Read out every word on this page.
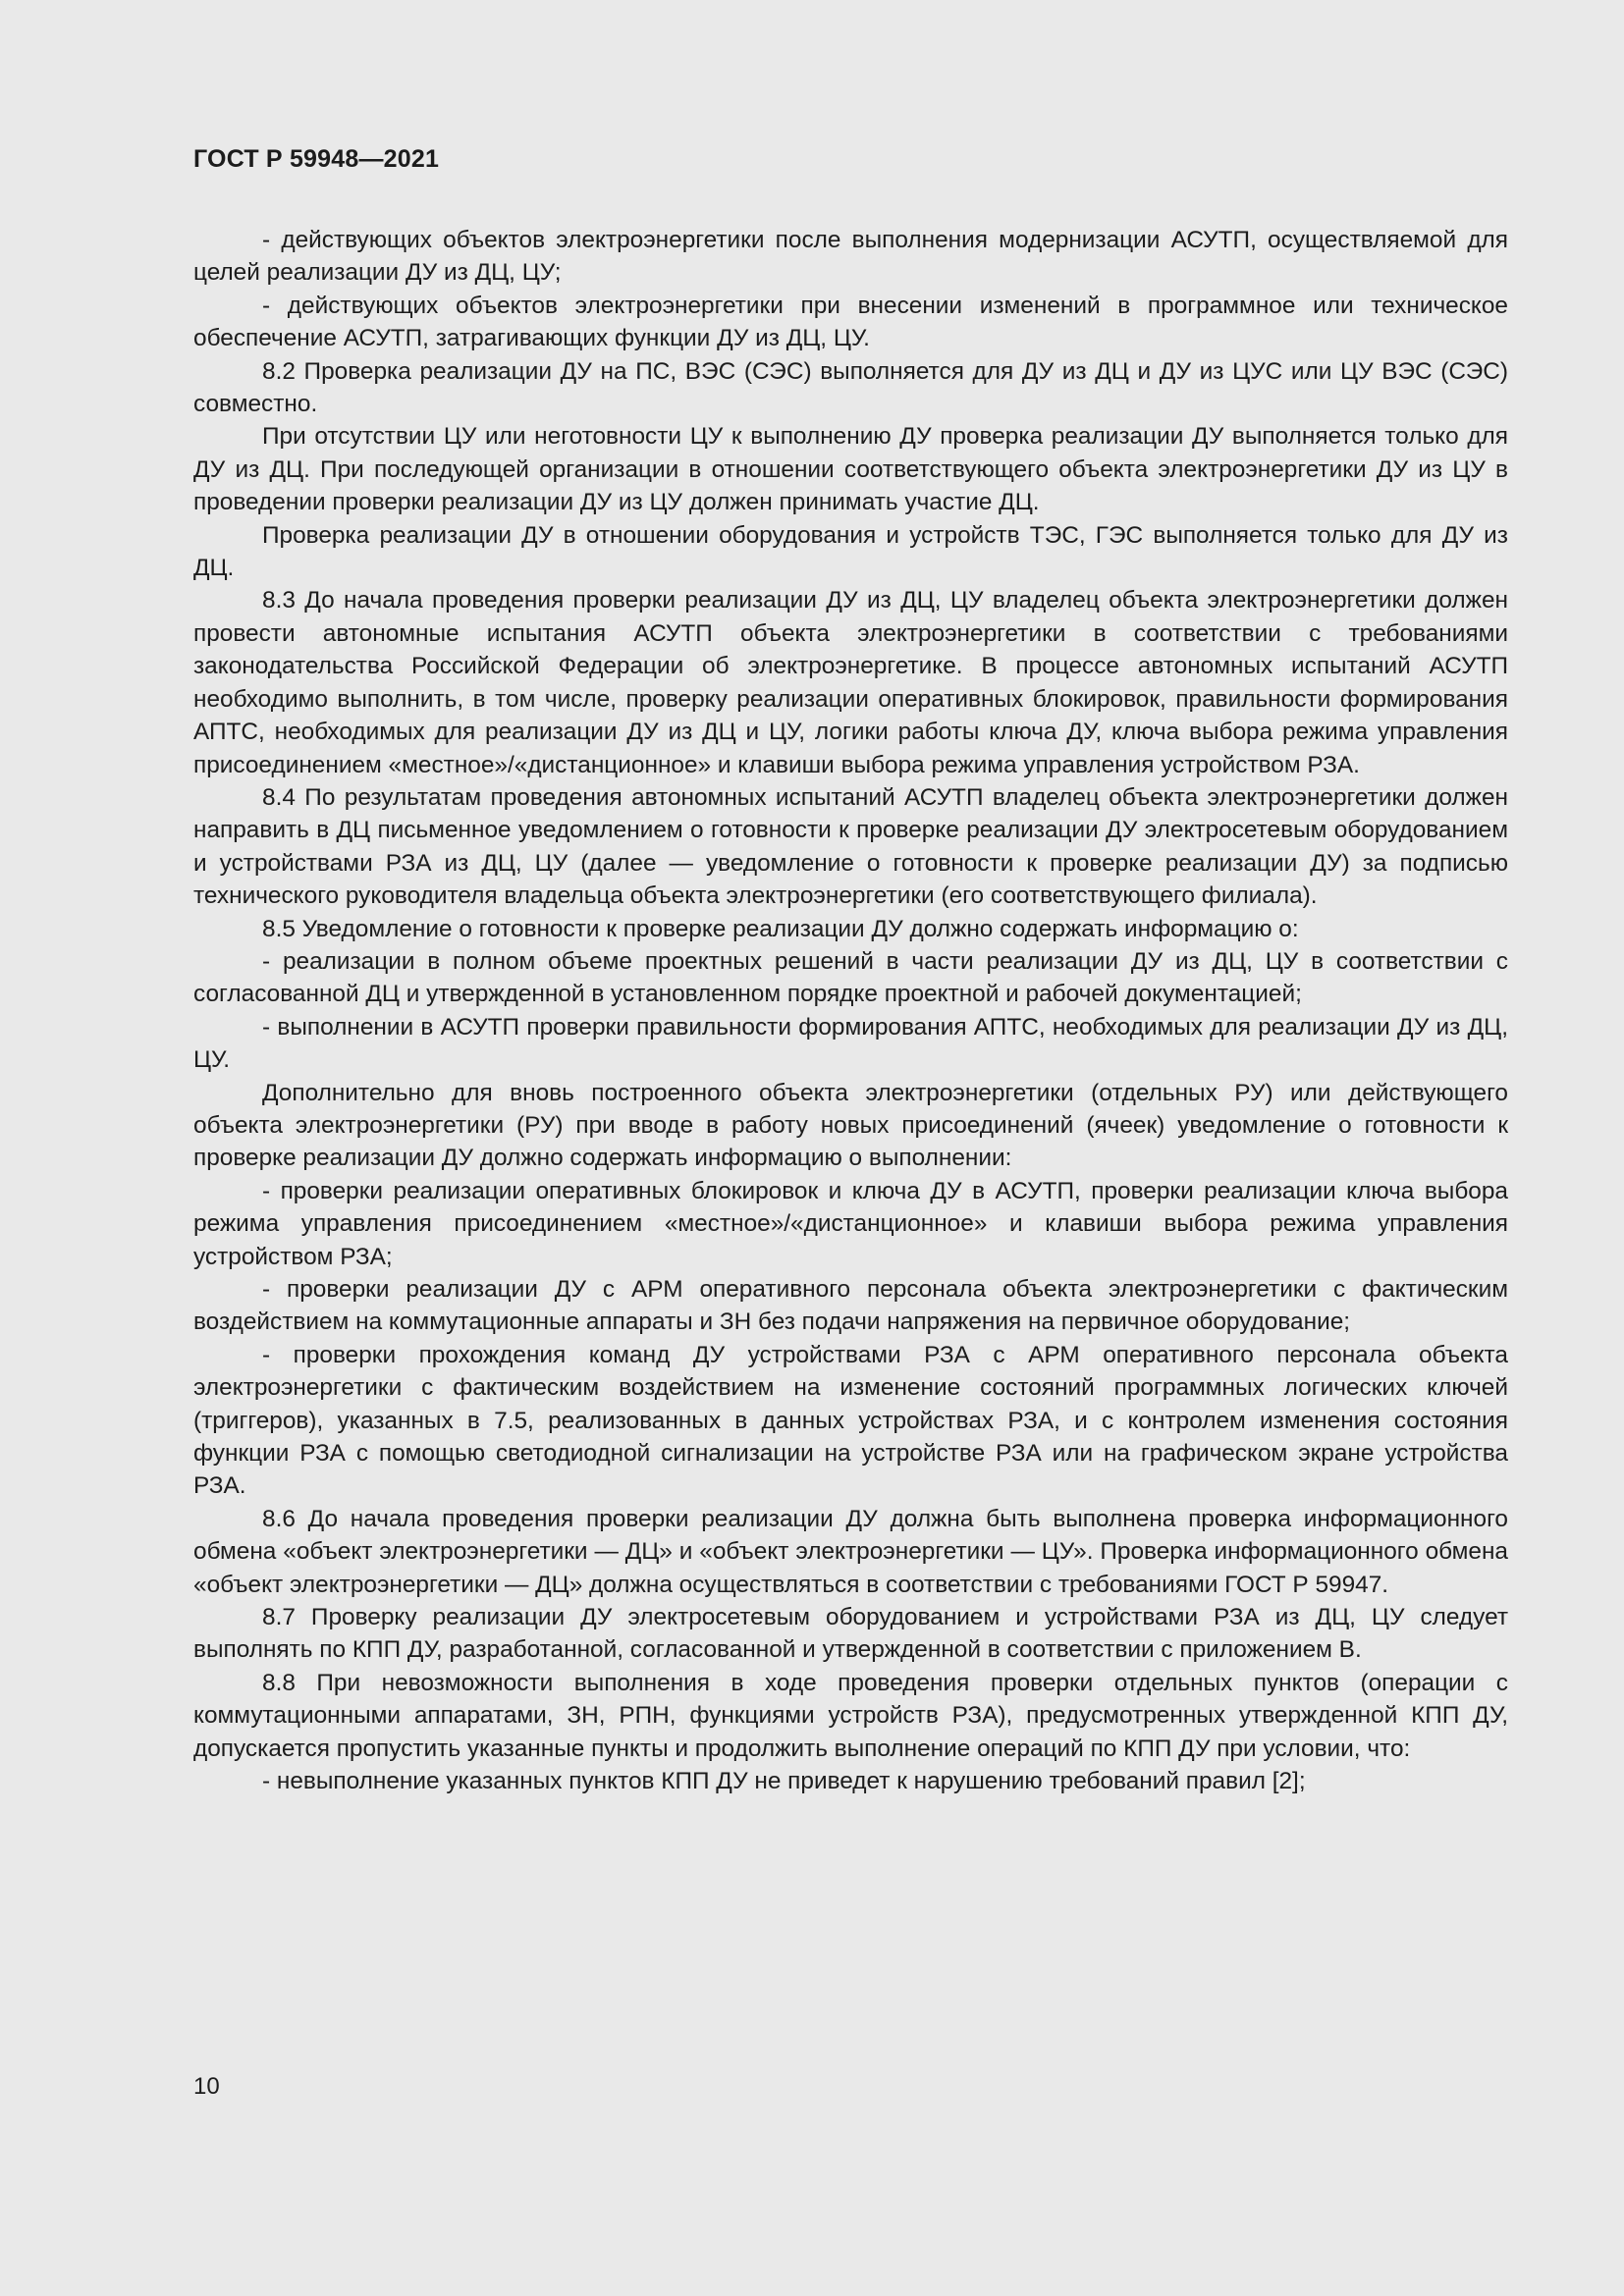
ГОСТ Р 59948—2021

- действующих объектов электроэнергетики после выполнения модернизации АСУТП, осуществляемой для целей реализации ДУ из ДЦ, ЦУ;

- действующих объектов электроэнергетики при внесении изменений в программное или техническое обеспечение АСУТП, затрагивающих функции ДУ из ДЦ, ЦУ.

8.2 Проверка реализации ДУ на ПС, ВЭС (СЭС) выполняется для ДУ из ДЦ и ДУ из ЦУС или ЦУ ВЭС (СЭС) совместно.

При отсутствии ЦУ или неготовности ЦУ к выполнению ДУ проверка реализации ДУ выполняется только для ДУ из ДЦ. При последующей организации в отношении соответствующего объекта электроэнергетики ДУ из ЦУ в проведении проверки реализации ДУ из ЦУ должен принимать участие ДЦ.

Проверка реализации ДУ в отношении оборудования и устройств ТЭС, ГЭС выполняется только для ДУ из ДЦ.

8.3 До начала проведения проверки реализации ДУ из ДЦ, ЦУ владелец объекта электроэнергетики должен провести автономные испытания АСУТП объекта электроэнергетики в соответствии с требованиями законодательства Российской Федерации об электроэнергетике. В процессе автономных испытаний АСУТП необходимо выполнить, в том числе, проверку реализации оперативных блокировок, правильности формирования АПТС, необходимых для реализации ДУ из ДЦ и ЦУ, логики работы ключа ДУ, ключа выбора режима управления присоединением «местное»/«дистанционное» и клавиши выбора режима управления устройством РЗА.

8.4 По результатам проведения автономных испытаний АСУТП владелец объекта электроэнергетики должен направить в ДЦ письменное уведомлением о готовности к проверке реализации ДУ электросетевым оборудованием и устройствами РЗА из ДЦ, ЦУ (далее — уведомление о готовности к проверке реализации ДУ) за подписью технического руководителя владельца объекта электроэнергетики (его соответствующего филиала).

8.5 Уведомление о готовности к проверке реализации ДУ должно содержать информацию о:

- реализации в полном объеме проектных решений в части реализации ДУ из ДЦ, ЦУ в соответствии с согласованной ДЦ и утвержденной в установленном порядке проектной и рабочей документацией;

- выполнении в АСУТП проверки правильности формирования АПТС, необходимых для реализации ДУ из ДЦ, ЦУ.

Дополнительно для вновь построенного объекта электроэнергетики (отдельных РУ) или действующего объекта электроэнергетики (РУ) при вводе в работу новых присоединений (ячеек) уведомление о готовности к проверке реализации ДУ должно содержать информацию о выполнении:

- проверки реализации оперативных блокировок и ключа ДУ в АСУТП, проверки реализации ключа выбора режима управления присоединением «местное»/«дистанционное» и клавиши выбора режима управления устройством РЗА;

- проверки реализации ДУ с АРМ оперативного персонала объекта электроэнергетики с фактическим воздействием на коммутационные аппараты и ЗН без подачи напряжения на первичное оборудование;

- проверки прохождения команд ДУ устройствами РЗА с АРМ оперативного персонала объекта электроэнергетики с фактическим воздействием на изменение состояний программных логических ключей (триггеров), указанных в 7.5, реализованных в данных устройствах РЗА, и с контролем изменения состояния функции РЗА с помощью светодиодной сигнализации на устройстве РЗА или на графическом экране устройства РЗА.

8.6 До начала проведения проверки реализации ДУ должна быть выполнена проверка информационного обмена «объект электроэнергетики — ДЦ» и «объект электроэнергетики — ЦУ». Проверка информационного обмена «объект электроэнергетики — ДЦ» должна осуществляться в соответствии с требованиями ГОСТ Р 59947.

8.7 Проверку реализации ДУ электросетевым оборудованием и устройствами РЗА из ДЦ, ЦУ следует выполнять по КПП ДУ, разработанной, согласованной и утвержденной в соответствии с приложением В.

8.8 При невозможности выполнения в ходе проведения проверки отдельных пунктов (операции с коммутационными аппаратами, ЗН, РПН, функциями устройств РЗА), предусмотренных утвержденной КПП ДУ, допускается пропустить указанные пункты и продолжить выполнение операций по КПП ДУ при условии, что:

- невыполнение указанных пунктов КПП ДУ не приведет к нарушению требований правил [2];

10
